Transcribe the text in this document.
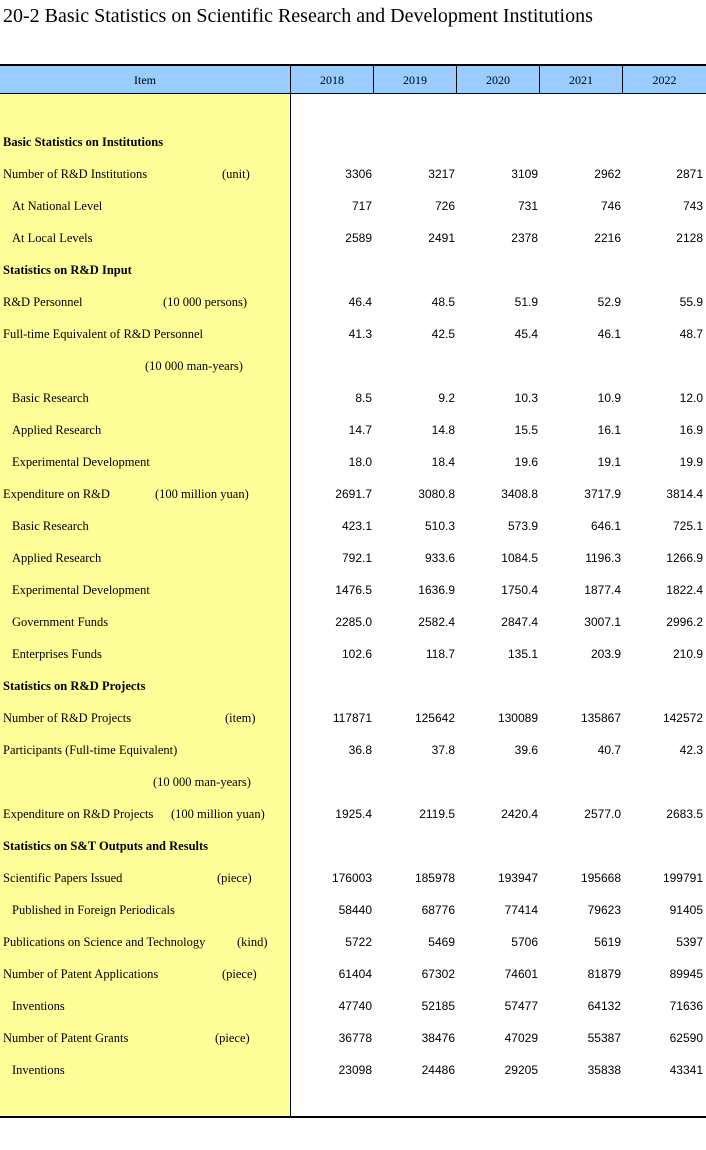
20-2 Basic Statistics on Scientific Research and Development Institutions
Item	2018	2019	2020	2021	2022
Basic Statistics on Institutions
Number of R&D Institutions	(unit)	3306	3217	3109	2962	2871
At National Level	717	726	731	746	743
At Local Levels	2589	2491	2378	2216	2128
Statistics on R&D Input
R&D Personnel	(10 000 persons)	46.4	48.5	51.9	52.9	55.9
Full-time Equivalent of R&D Personnel	41.3	42.5	45.4	46.1	48.7
(10 000 man-years)
Basic Research	8.5	9.2	10.3	10.9	12.0
Applied Research	14.7	14.8	15.5	16.1	16.9
Experimental Development	18.0	18.4	19.6	19.1	19.9
Expenditure on R&D	(100 million yuan)	2691.7	3080.8	3408.8	3717.9	3814.4
Basic Research	423.1	510.3	573.9	646.1	725.1
Applied Research	792.1	933.6	1084.5	1196.3	1266.9
Experimental Development	1476.5	1636.9	1750.4	1877.4	1822.4
Government Funds	2285.0	2582.4	2847.4	3007.1	2996.2
Enterprises Funds	102.6	118.7	135.1	203.9	210.9
Statistics on R&D Projects
Number of R&D Projects	(item)	117871	125642	130089	135867	142572
Participants (Full-time Equivalent)	36.8	37.8	39.6	40.7	42.3
(10 000 man-years)
Expenditure on R&D Projects (100 million yuan)	1925.4	2119.5	2420.4	2577.0	2683.5
Statistics on S&T Outputs and Results
Scientific Papers Issued	(piece)	176003	185978	193947	195668	199791
Published in Foreign Periodicals	58440	68776	77414	79623	91405
Publications on Science and Technology	(kind)	5722	5469	5706	5619	5397
Number of Patent Applications	(piece)	61404	67302	74601	81879	89945
Inventions	47740	52185	57477	64132	71636
Number of Patent Grants	(piece)	36778	38476	47029	55387	62590
Inventions	23098	24486	29205	35838	43341
